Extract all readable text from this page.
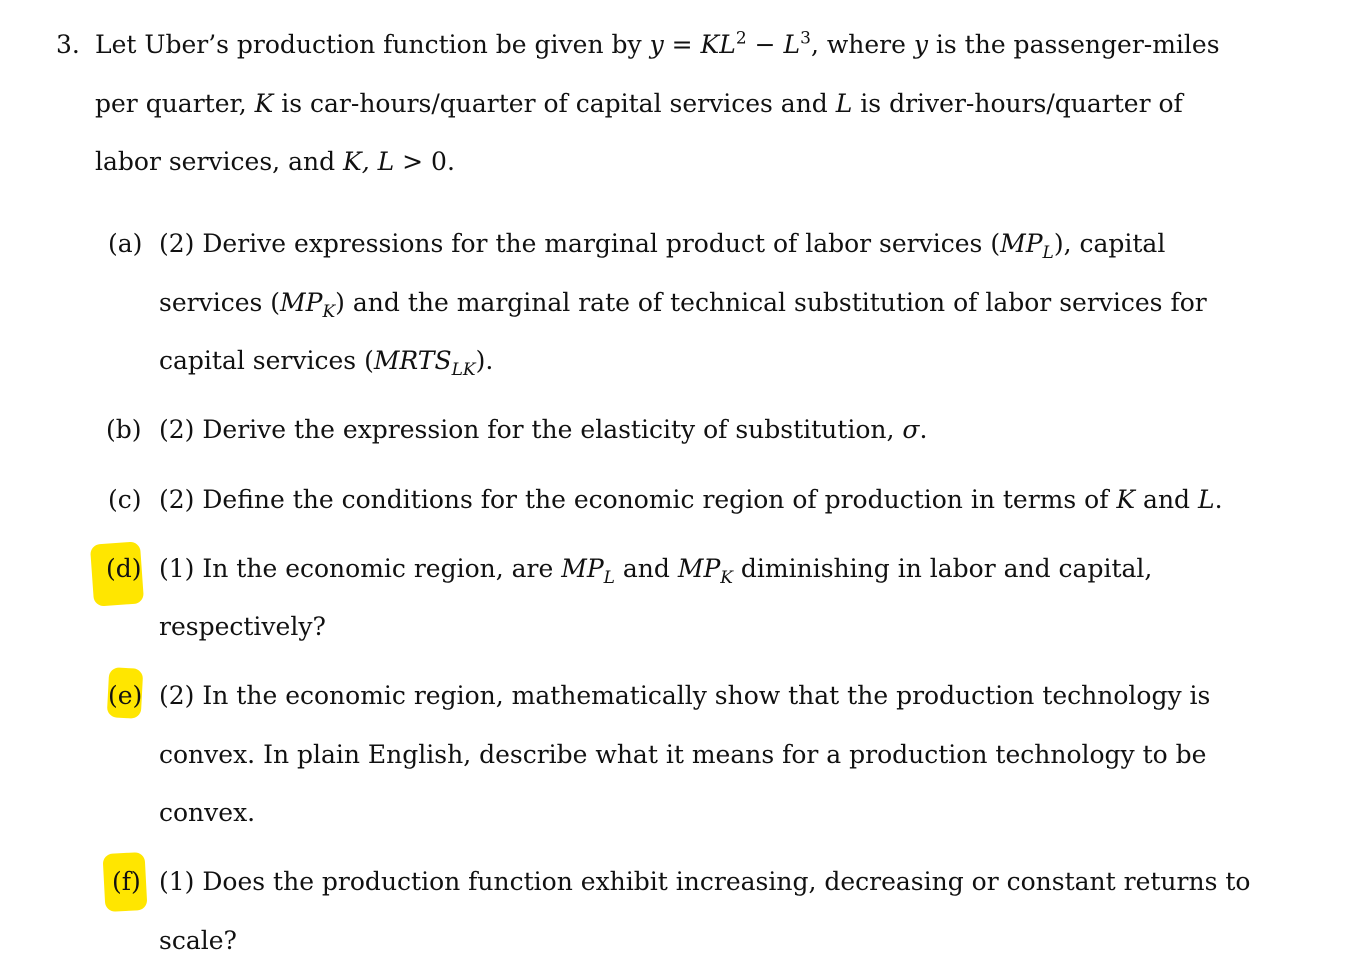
3. Let Uber’s production function be given by $y = KL^2 - L^3$, where y is the passenger-miles
per quarter, K is car-hours/quarter of capital services and L is driver-hours/quarter of
labor services, and K, L > 0.
(a) (2) Derive expressions for the marginal product of labor services $(MP_L)$, capital
services $(MP_K)$ and the marginal rate of technical substitution of labor services for
capital services $(MRTS_{LK})$.
(b) (2) Derive the expression for the elasticity of substitution, σ.
(c) (2) Define the conditions for the economic region of production in terms of K and L.
(d) (1) In the economic region, are $MP_L$ and $MP_K$ diminishing in labor and capital,
respectively?
(e) (2) In the economic region, mathematically show that the production technology is
convex. In plain English, describe what it means for a production technology to be
convex.
(f) (1) Does the production function exhibit increasing, decreasing or constant returns to
scale?
